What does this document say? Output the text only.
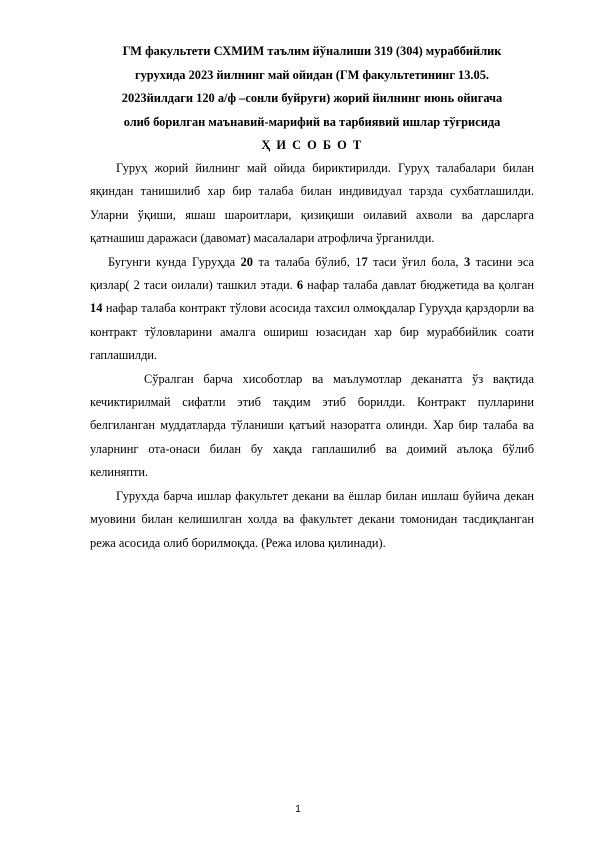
ГМ факультети СХМИМ таълим йўналиши 319 (304) мураббийлик
гурухида 2023 йилнинг май ойидан (ГМ факультетининг 13.05.
2023йилдаги 120 а/ф –сонли буйруғи) жорий йилнинг июнь ойигача
олиб борилган маънавий-марифий ва тарбиявий ишлар тўғрисида

Ҳ И С О Б О Т

Гуруҳ жорий йилнинг май ойида бириктирилди. Гуруҳ талабалари билан яқиндан танишилиб хар бир талаба билан индивидуал тарзда сухбатлашилди. Уларни ўқиши, яшаш шароитлари, қизиқиши оилавий ахволи ва дарсларга қатнашиш даражаси (давомат) масалалари атрофлича ўрганилди.

Бугунги кунда Гуруҳда 20 та талаба бўлиб, 17 таси ўғил бола, 3 тасини эса қизлар( 2 таси оилали) ташкил этади. 6 нафар талаба давлат бюджетида ва қолган 14 нафар талаба контракт тўлови асосида тахсил олмоқдалар Гуруҳда қарздорли ва контракт тўловларини амалга ошириш юзасидан хар бир мураббийлик соати гаплашилди.

Сўралган барча хисоботлар ва маълумотлар деканатга ўз вақтида кечиктирилмай сифатли этиб тақдим этиб борилди. Контракт пулларини белгиланган муддатларда тўланиши қатъий назоратга олинди. Хар бир талаба ва уларнинг ота-онаси билан бу хақда гаплашилиб ва доимий аълоқа бўлиб келиняпти.

Гурухда барча ишлар факультет декани ва ёшлар билан ишлаш буйича декан муовини билан келишилган холда ва факультет декани томонидан тасдиқланган режа асосида олиб борилмоқда. (Режа илова қилинади).

1
